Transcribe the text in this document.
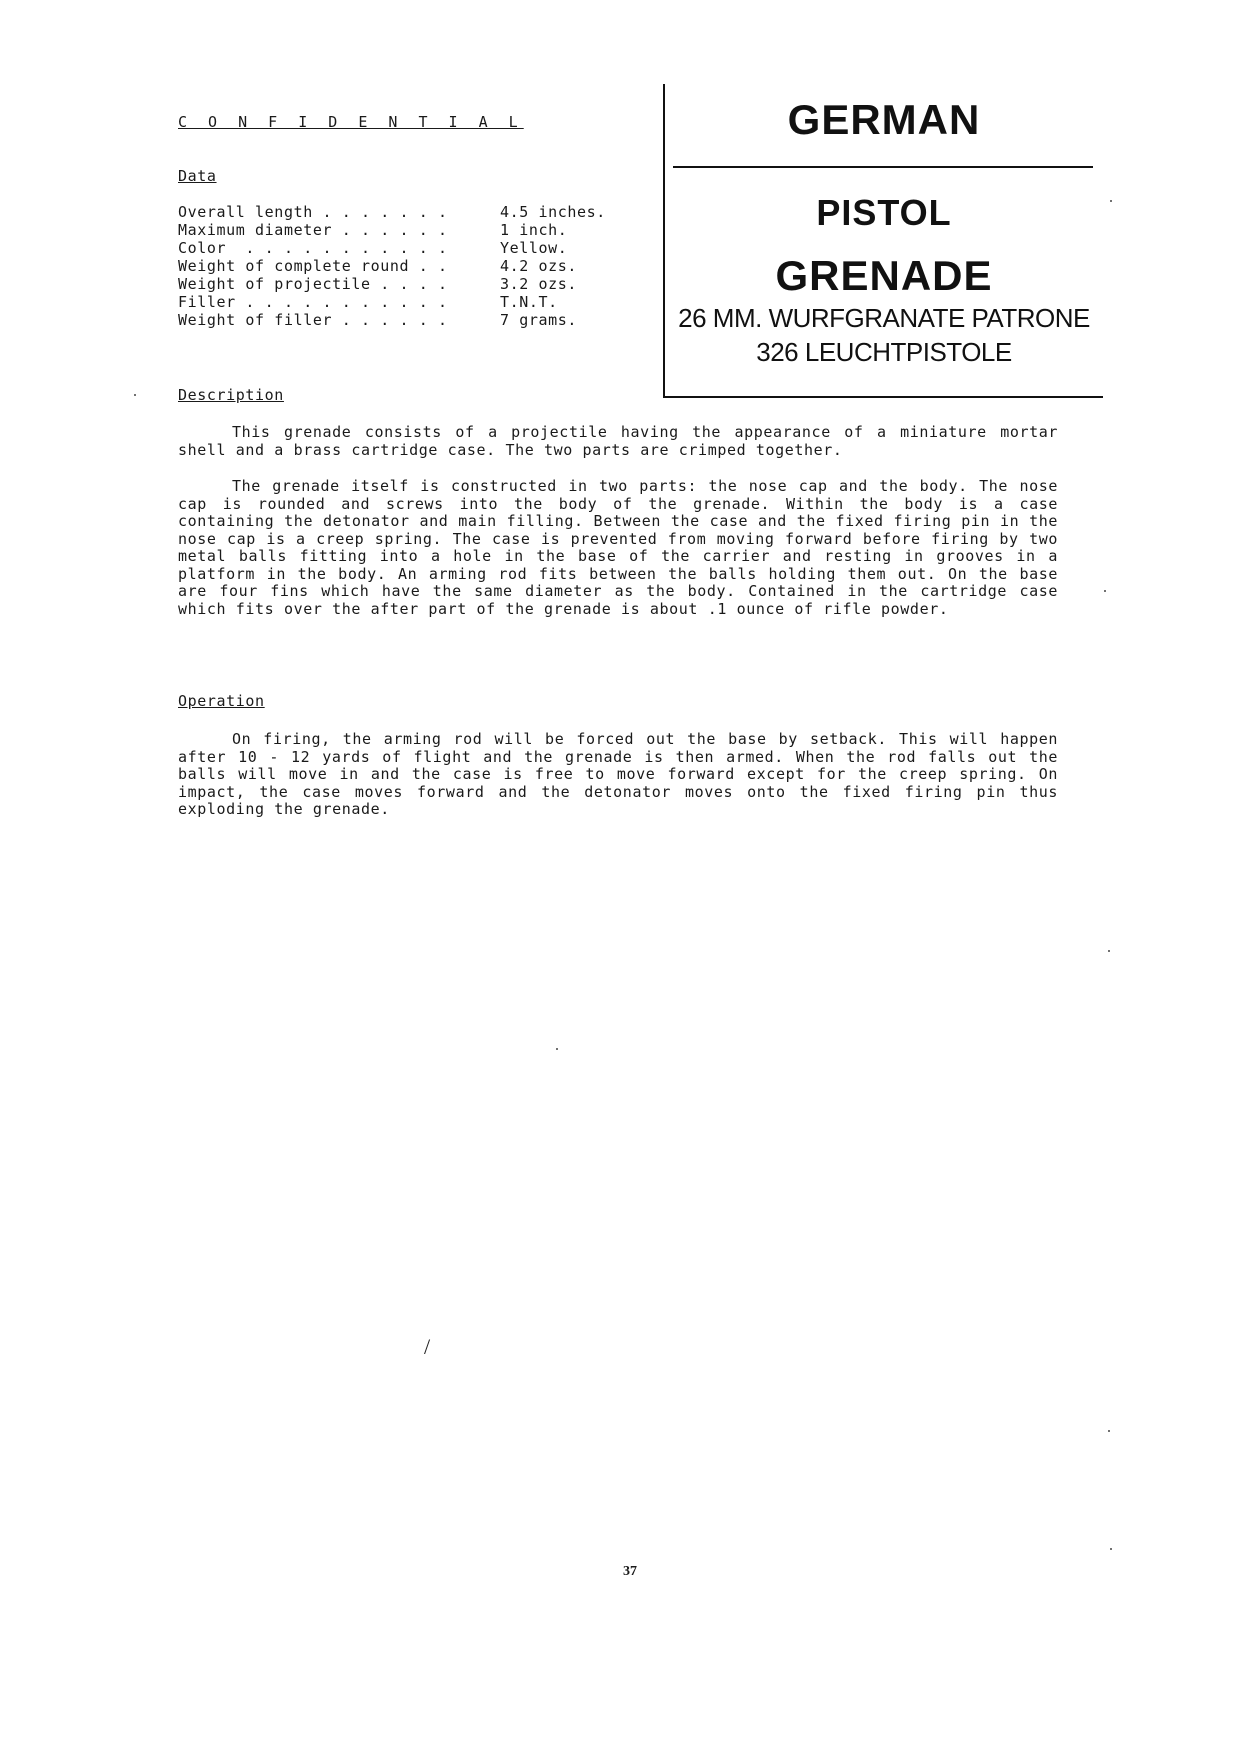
C O N F I D E N T I A L
Data
Overall length . . . . . . .	4.5 inches.
Maximum diameter . . . . . .	1 inch.
Color  . . . . . . . . . . .	Yellow.
Weight of complete round . .	4.2 ozs.
Weight of projectile . . . .	3.2 ozs.
Filler . . . . . . . . . . .	T.N.T.
Weight of filler . . . . . .	7 grams.
GERMAN
PISTOL
GRENADE
26 MM. WURFGRANATE PATRONE
326 LEUCHTPISTOLE
Description

This grenade consists of a projectile having the appearance of a miniature mortar shell and a brass cartridge case. The two parts are crimped together.

The grenade itself is constructed in two parts: the nose cap and the body. The nose cap is rounded and screws into the body of the grenade. Within the body is a case containing the detonator and main filling. Between the case and the fixed firing pin in the nose cap is a creep spring. The case is prevented from moving forward before firing by two metal balls fitting into a hole in the base of the carrier and resting in grooves in a platform in the body. An arming rod fits between the balls holding them out. On the base are four fins which have the same diameter as the body. Contained in the cartridge case which fits over the after part of the grenade is about .1 ounce of rifle powder.

Operation

On firing, the arming rod will be forced out the base by setback. This will happen after 10 - 12 yards of flight and the grenade is then armed. When the rod falls out the balls will move in and the case is free to move forward except for the creep spring. On impact, the case moves forward and the detonator moves onto the fixed firing pin thus exploding the grenade.

37
/
